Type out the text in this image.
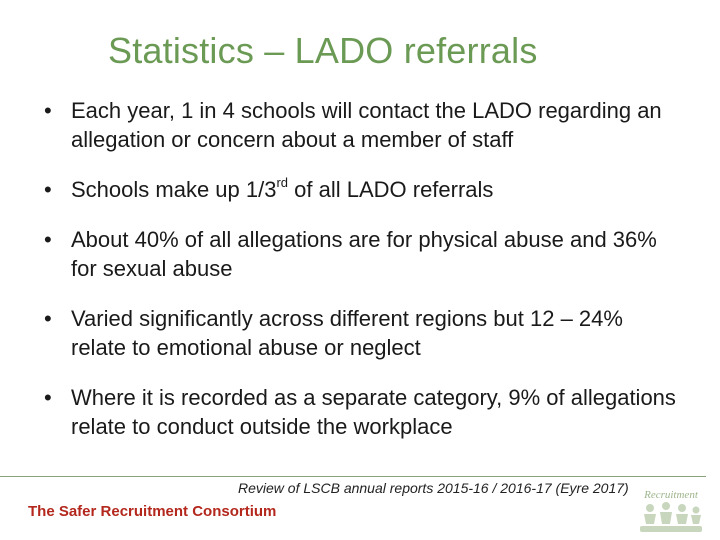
Statistics – LADO referrals
• Each year, 1 in 4 schools will contact the LADO regarding an allegation or concern about a member of staff
• Schools make up 1/3rd of all LADO referrals
• About 40% of all allegations are for physical abuse and 36% for sexual abuse
• Varied significantly across different regions but 12 – 24% relate to emotional abuse or neglect
• Where it is recorded as a separate category, 9% of allegations relate to conduct outside the workplace
Review of LSCB annual reports 2015-16 / 2016-17 (Eyre 2017)
The Safer Recruitment Consortium
Recruitment
